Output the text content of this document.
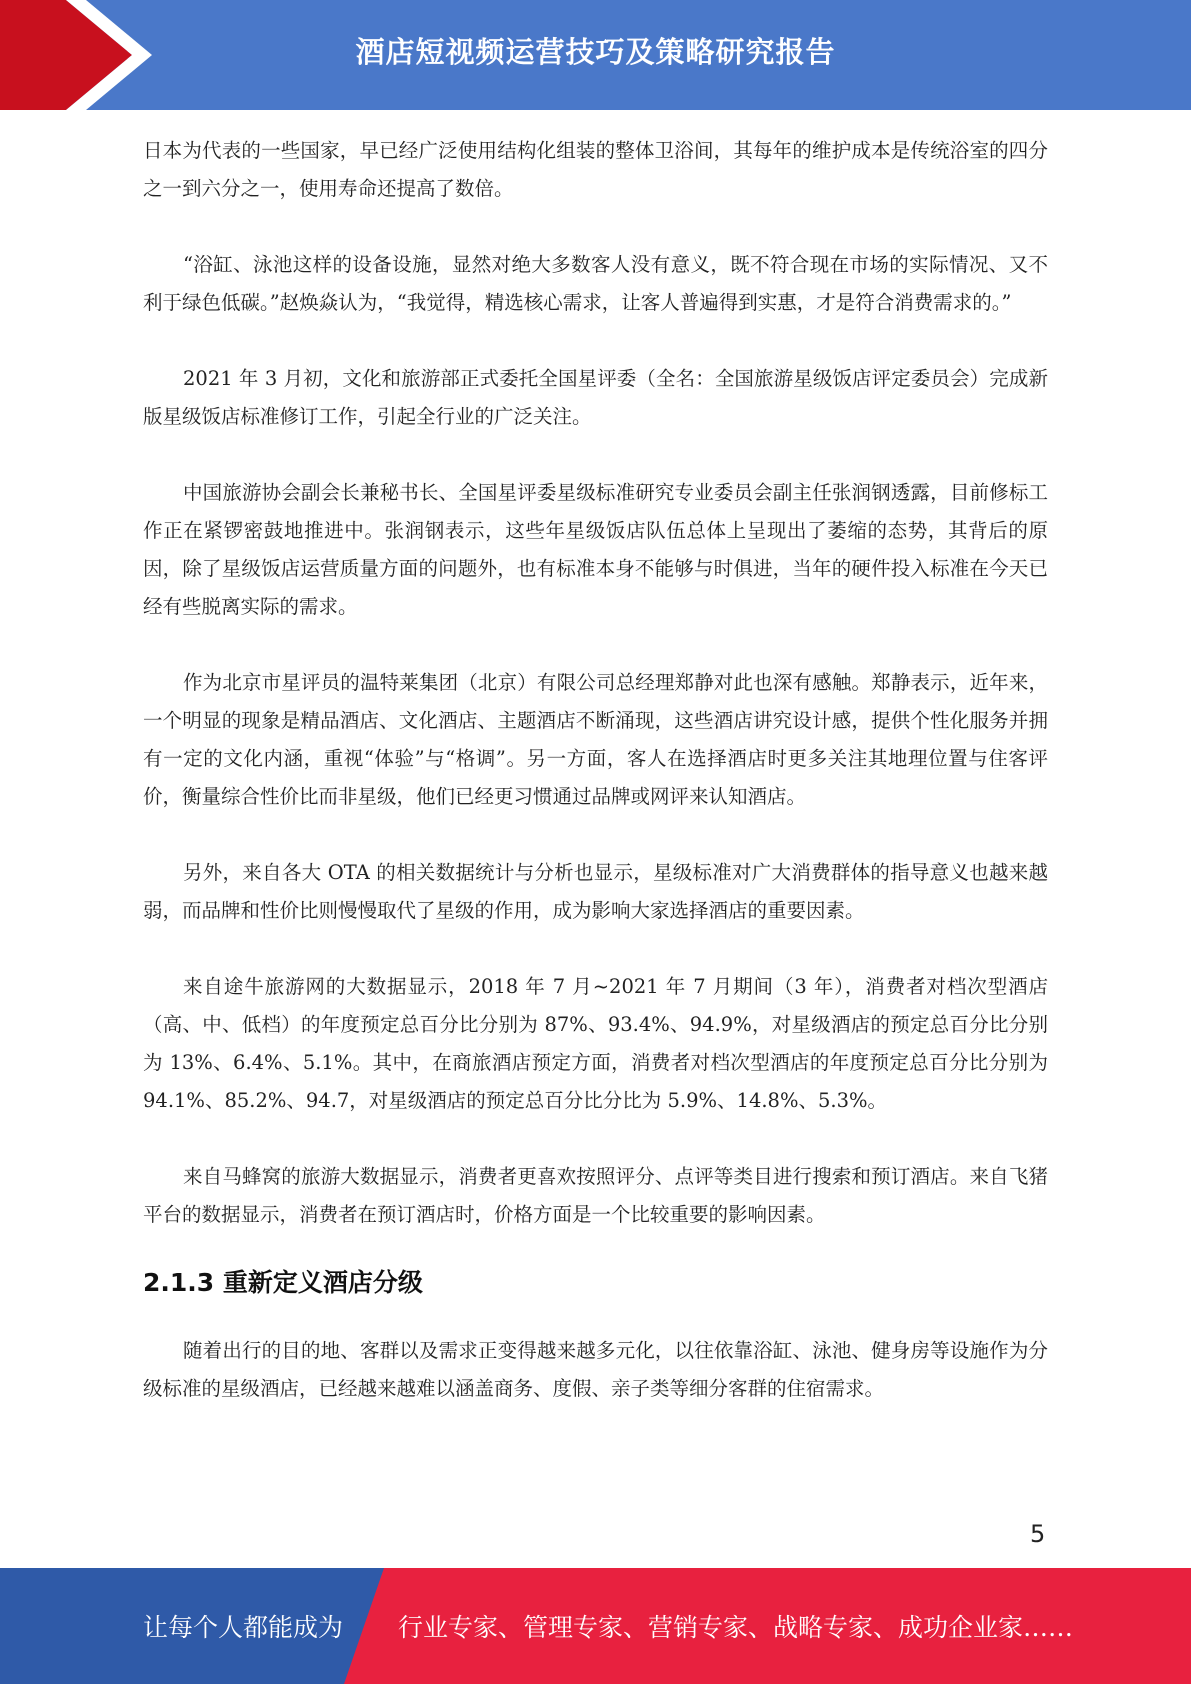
酒店短视频运营技巧及策略研究报告

日本为代表的一些国家，早已经广泛使用结构化组装的整体卫浴间，其每年的维护成本是传统浴室的四分之一到六分之一，使用寿命还提高了数倍。

“浴缸、泳池这样的设备设施，显然对绝大多数客人没有意义，既不符合现在市场的实际情况、又不利于绿色低碳。”赵焕焱认为，“我觉得，精选核心需求，让客人普遍得到实惠，才是符合消费需求的。”

2021 年 3 月初，文化和旅游部正式委托全国星评委（全名：全国旅游星级饭店评定委员会）完成新版星级饭店标准修订工作，引起全行业的广泛关注。

中国旅游协会副会长兼秘书长、全国星评委星级标准研究专业委员会副主任张润钢透露，目前修标工作正在紧锣密鼓地推进中。张润钢表示，这些年星级饭店队伍总体上呈现出了萎缩的态势，其背后的原因，除了星级饭店运营质量方面的问题外，也有标准本身不能够与时俱进，当年的硬件投入标准在今天已经有些脱离实际的需求。

作为北京市星评员的温特莱集团（北京）有限公司总经理郑静对此也深有感触。郑静表示，近年来，一个明显的现象是精品酒店、文化酒店、主题酒店不断涌现，这些酒店讲究设计感，提供个性化服务并拥有一定的文化内涵，重视“体验”与“格调”。另一方面，客人在选择酒店时更多关注其地理位置与住客评价，衡量综合性价比而非星级，他们已经更习惯通过品牌或网评来认知酒店。

另外，来自各大 OTA 的相关数据统计与分析也显示，星级标准对广大消费群体的指导意义也越来越弱，而品牌和性价比则慢慢取代了星级的作用，成为影响大家选择酒店的重要因素。

来自途牛旅游网的大数据显示，2018 年 7 月~2021 年 7 月期间（3 年），消费者对档次型酒店（高、中、低档）的年度预定总百分比分别为 87%、93.4%、94.9%，对星级酒店的预定总百分比分别为 13%、6.4%、5.1%。其中，在商旅酒店预定方面，消费者对档次型酒店的年度预定总百分比分别为 94.1%、85.2%、94.7，对星级酒店的预定总百分比分比为 5.9%、14.8%、5.3%。

来自马蜂窝的旅游大数据显示，消费者更喜欢按照评分、点评等类目进行搜索和预订酒店。来自飞猪平台的数据显示，消费者在预订酒店时，价格方面是一个比较重要的影响因素。

2.1.3 重新定义酒店分级

随着出行的目的地、客群以及需求正变得越来越多元化，以往依靠浴缸、泳池、健身房等设施作为分级标准的星级酒店，已经越来越难以涵盖商务、度假、亲子类等细分客群的住宿需求。

5
让每个人都能成为 行业专家、管理专家、营销专家、战略专家、成功企业家……
